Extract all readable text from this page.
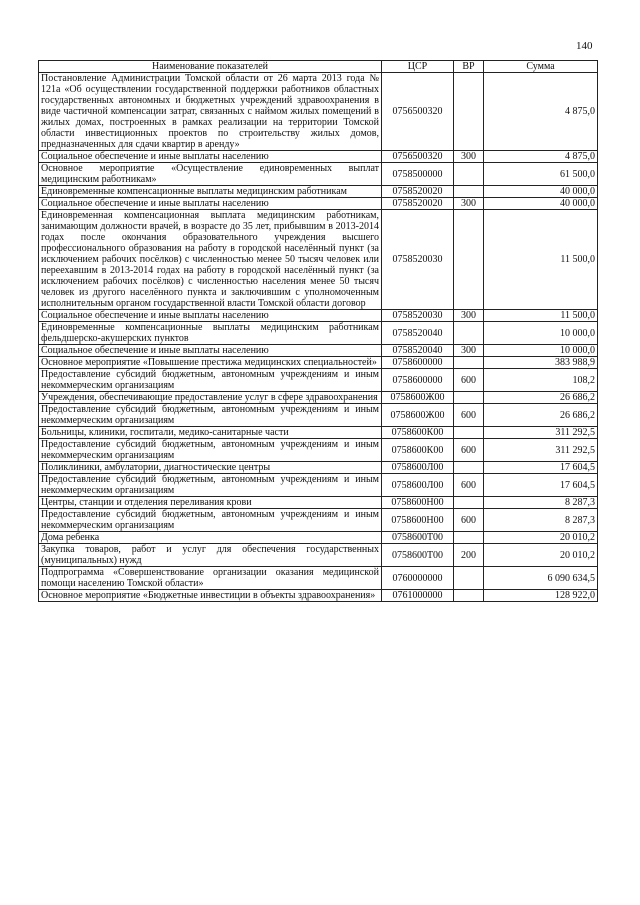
140
Наименование показателей	ЦСР	ВР	Сумма
Постановление Администрации Томской области от 26 марта 2013 года № 121а «Об осуществлении государственной поддержки работников областных государственных автономных и бюджетных учреждений здравоохранения в виде частичной компенсации затрат, связанных с наймом жилых помещений в жилых домах, построенных в рамках реализации на территории Томской области инвестиционных проектов по строительству жилых домов, предназначенных для сдачи квартир в аренду»	0756500320		4 875,0
Социальное обеспечение и иные выплаты населению	0756500320	300	4 875,0
Основное мероприятие «Осуществление единовременных выплат медицинским работникам»	0758500000		61 500,0
Единовременные компенсационные выплаты медицинским работникам	0758520020		40 000,0
Социальное обеспечение и иные выплаты населению	0758520020	300	40 000,0
Единовременная компенсационная выплата медицинским работникам, занимающим должности врачей, в возрасте до 35 лет, прибывшим в 2013-2014 годах после окончания образовательного учреждения высшего профессионального образования на работу в городской населённый пункт (за исключением рабочих посёлков) с численностью менее 50 тысяч человек или переехавшим в 2013-2014 годах на работу в городской населённый пункт (за исключением рабочих посёлков) с численностью населения менее 50 тысяч человек из другого населённого пункта и заключившим с уполномоченным исполнительным органом государственной власти Томской области договор	0758520030		11 500,0
Социальное обеспечение и иные выплаты населению	0758520030	300	11 500,0
Единовременные компенсационные выплаты медицинским работникам фельдшерско-акушерских пунктов	0758520040		10 000,0
Социальное обеспечение и иные выплаты населению	0758520040	300	10 000,0
Основное мероприятие «Повышение престижа медицинских специальностей»	0758600000		383 988,9
Предоставление субсидий бюджетным, автономным учреждениям и иным некоммерческим организациям	0758600000	600	108,2
Учреждения, обеспечивающие предоставление услуг в сфере здравоохранения	0758600Ж00		26 686,2
Предоставление субсидий бюджетным, автономным учреждениям и иным некоммерческим организациям	0758600Ж00	600	26 686,2
Больницы, клиники, госпитали, медико-санитарные части	0758600К00		311 292,5
Предоставление субсидий бюджетным, автономным учреждениям и иным некоммерческим организациям	0758600К00	600	311 292,5
Поликлиники, амбулатории, диагностические центры	0758600Л00		17 604,5
Предоставление субсидий бюджетным, автономным учреждениям и иным некоммерческим организациям	0758600Л00	600	17 604,5
Центры, станции и отделения переливания крови	0758600Н00		8 287,3
Предоставление субсидий бюджетным, автономным учреждениям и иным некоммерческим организациям	0758600Н00	600	8 287,3
Дома ребенка	0758600Т00		20 010,2
Закупка товаров, работ и услуг для обеспечения государственных (муниципальных) нужд	0758600Т00	200	20 010,2
Подпрограмма «Совершенствование организации оказания медицинской помощи населению Томской области»	0760000000		6 090 634,5
Основное мероприятие «Бюджетные инвестиции в объекты здравоохранения»	0761000000		128 922,0
